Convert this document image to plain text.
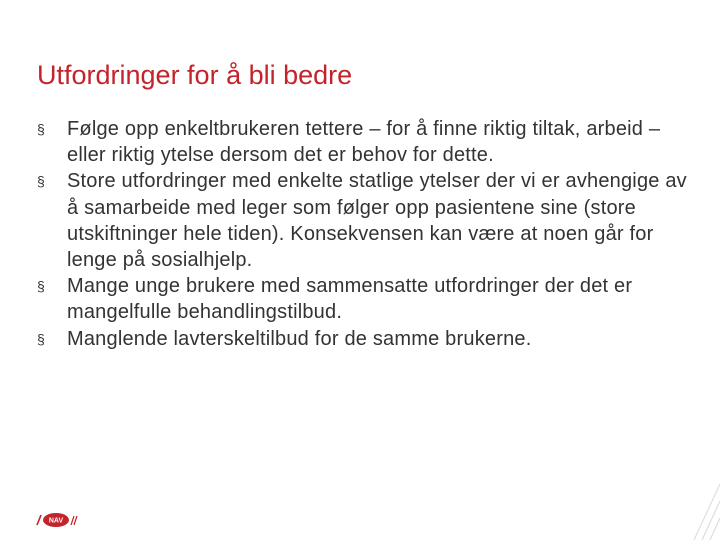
Utfordringer for å bli bedre
§ Følge opp enkeltbrukeren tettere – for å finne riktig tiltak, arbeid – eller riktig ytelse dersom det er behov for dette.
§ Store utfordringer med enkelte statlige ytelser der vi er avhengige av å samarbeide med leger som følger opp pasientene sine (store utskiftninger hele tiden). Konsekvensen kan være at noen går for lenge på sosialhjelp.
§ Mange unge brukere med sammensatte utfordringer der det er mangelfulle behandlingstilbud.
§ Manglende lavterskeltilbud for de samme brukerne.
NAV
